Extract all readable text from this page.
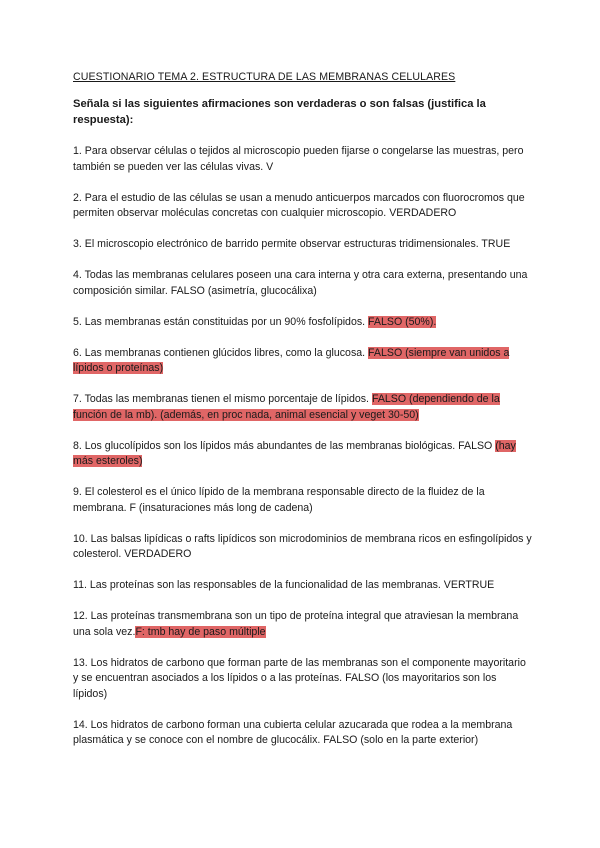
CUESTIONARIO TEMA 2. ESTRUCTURA DE LAS MEMBRANAS CELULARES
Señala si las siguientes afirmaciones son verdaderas o son falsas (justifica la respuesta):
1. Para observar células o tejidos al microscopio pueden fijarse o congelarse las muestras, pero también se pueden ver las células vivas. V
2. Para el estudio de las células se usan a menudo anticuerpos marcados con fluorocromos que permiten observar moléculas concretas con cualquier microscopio. VERDADERO
3. El microscopio electrónico de barrido permite observar estructuras tridimensionales. TRUE
4. Todas las membranas celulares poseen una cara interna y otra cara externa, presentando una composición similar. FALSO (asimetría, glucocálixa)
5. Las membranas están constituidas por un 90% fosfolípidos. FALSO (50%).
6. Las membranas contienen glúcidos libres, como la glucosa. FALSO (siempre van unidos a lípidos o proteínas)
7. Todas las membranas tienen el mismo porcentaje de lípidos. FALSO (dependiendo de la función de la mb). (además, en proc nada, animal esencial y veget 30-50)
8. Los glucolípidos son los lípidos más abundantes de las membranas biológicas. FALSO (hay más esteroles)
9. El colesterol es el único lípido de la membrana responsable directo de la fluidez de la membrana. F (insaturaciones más long de cadena)
10. Las balsas lipídicas o rafts lipídicos son microdominios de membrana ricos en esfingolípidos y colesterol. VERDADERO
11. Las proteínas son las responsables de la funcionalidad de las membranas. VERTRUE
12. Las proteínas transmembrana son un tipo de proteína integral que atraviesan la membrana una sola vez.F: tmb hay de paso múltiple
13. Los hidratos de carbono que forman parte de las membranas son el componente mayoritario y se encuentran asociados a los lípidos o a las proteínas. FALSO (los mayoritarios son los lípidos)
14. Los hidratos de carbono forman una cubierta celular azucarada que rodea a la membrana plasmática y se conoce con el nombre de glucocálix. FALSO (solo en la parte exterior)
